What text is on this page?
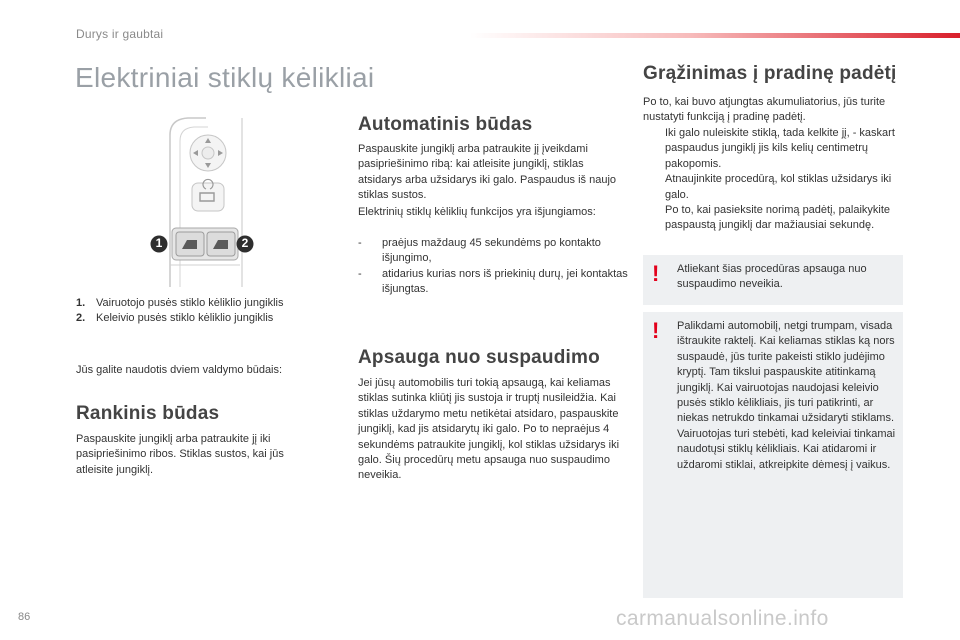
Durys ir gaubtai
Elektriniai stiklų kėlikliai
1	2
1. Vairuotojo pusės stiklo kėliklio jungiklis
2. Keleivio pusės stiklo kėliklio jungiklis

Jūs galite naudotis dviem valdymo būdais:

Rankinis būdas

Paspauskite jungiklį arba patraukite jį iki pasipriešinimo ribos. Stiklas sustos, kai jūs atleisite jungiklį.

Automatinis būdas

Paspauskite jungiklį arba patraukite jį įveikdami pasipriešinimo ribą: kai atleisite jungiklį, stiklas atsidarys arba užsidarys iki galo. Paspaudus iš naujo stiklas sustos.

Elektrinių stiklų kėliklių funkcijos yra išjungiamos:

- praėjus maždaug 45 sekundėms po kontakto išjungimo,
- atidarius kurias nors iš priekinių durų, jei kontaktas išjungtas.
Apsauga nuo suspaudimo

Jei jūsų automobilis turi tokią apsaugą, kai keliamas stiklas sutinka kliūtį jis sustoja ir truptį nusileidžia. Kai stiklas uždarymo metu netikėtai atsidaro, paspauskite jungiklį, kad jis atsidarytų iki galo. Po to nepraėjus 4 sekundėms patraukite jungiklį, kol stiklas užsidarys iki galo. Šių procedūrų metu apsauga nuo suspaudimo neveikia.

Grąžinimas į pradinę padėtį

Po to, kai buvo atjungtas akumuliatorius, jūs turite nustatyti funkciją į pradinę padėtį.

Iki galo nuleiskite stiklą, tada kelkite jį, - kaskart paspaudus jungiklį jis kils kelių centimetrų pakopomis.
Atnaujinkite procedūrą, kol stiklas užsidarys iki galo.
Po to, kai pasieksite norimą padėtį, palaikykite paspaustą jungiklį dar mažiausiai sekundę.
! Atliekant šias procedūras apsauga nuo suspaudimo neveikia.

! Palikdami automobilį, netgi trumpam, visada ištraukite raktelį. Kai keliamas stiklas ką nors suspaudė, jūs turite pakeisti stiklo judėjimo kryptį. Tam tikslui paspauskite atitinkamą jungiklį. Kai vairuotojas naudojasi keleivio pusės stiklo kėlikliais, jis turi patikrinti, ar niekas netrukdo tinkamai užsidaryti stiklams. Vairuotojas turi stebėti, kad keleiviai tinkamai naudotųsi stiklų kėlikliais. Kai atidaromi ir uždaromi stiklai, atkreipkite dėmesį į vaikus.

86	carmanualsonline.info
